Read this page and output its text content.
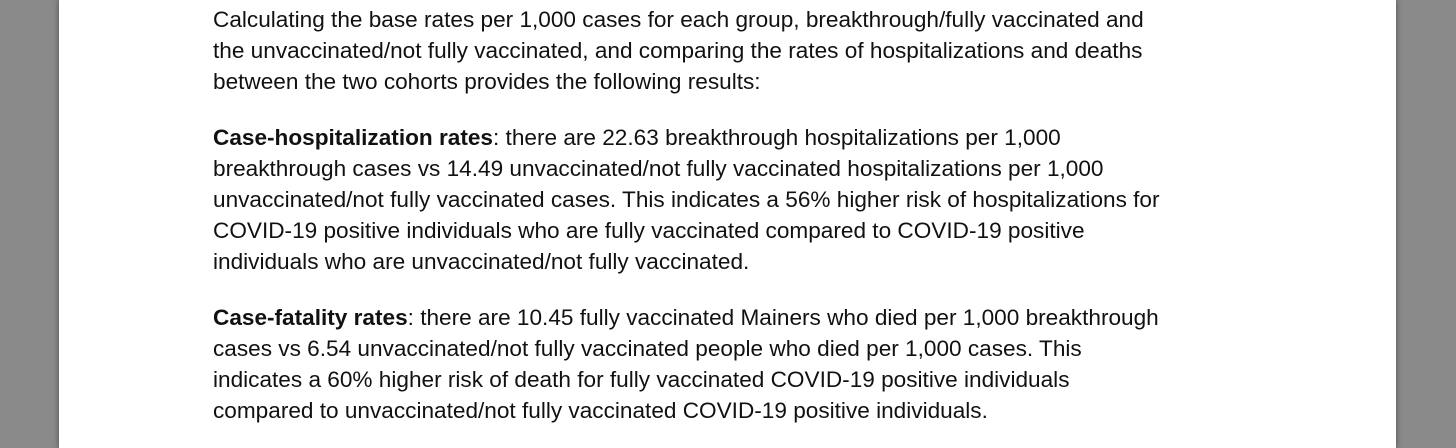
Calculating the base rates per 1,000 cases for each group, breakthrough/fully vaccinated and
the unvaccinated/not fully vaccinated, and comparing the rates of hospitalizations and deaths
between the two cohorts provides the following results:

Case-hospitalization rates: there are 22.63 breakthrough hospitalizations per 1,000
breakthrough cases vs 14.49 unvaccinated/not fully vaccinated hospitalizations per 1,000
unvaccinated/not fully vaccinated cases. This indicates a 56% higher risk of hospitalizations for
COVID-19 positive individuals who are fully vaccinated compared to COVID-19 positive
individuals who are unvaccinated/not fully vaccinated.

Case-fatality rates: there are 10.45 fully vaccinated Mainers who died per 1,000 breakthrough
cases vs 6.54 unvaccinated/not fully vaccinated people who died per 1,000 cases. This
indicates a 60% higher risk of death for fully vaccinated COVID-19 positive individuals
compared to unvaccinated/not fully vaccinated COVID-19 positive individuals.
